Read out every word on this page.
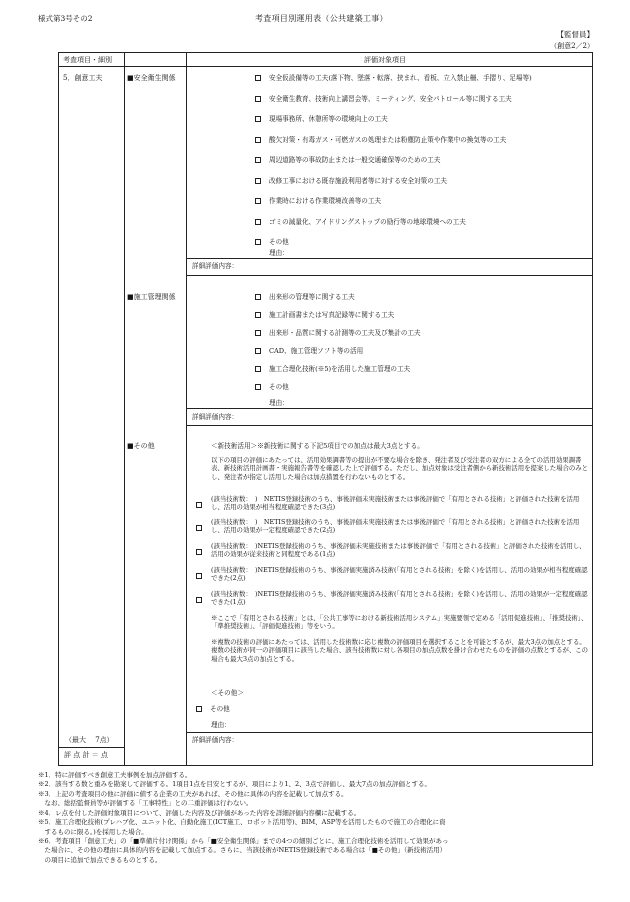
様式第3号その2	考査項目別運用表（公共建築工事）
【監督員】
（創意2／2）
考査項目・細別	評価対象項目
5．創意工夫
（最大　 7点）
評 点 計 ＝ 点
■安全衛生関係	安全仮設備等の工夫(落下物、墜落・転落、挟まれ、看板、立入禁止柵、手摺り、足場等)
安全衛生教育、技術向上講習会等、ミーティング、安全パトロール等に関する工夫
現場事務所、休憩所等の環境向上の工夫
酸欠対策・有毒ガス・可燃ガスの処理または粉塵防止策や作業中の換気等の工夫
周辺道路等の事故防止または一般交通確保等のための工夫
改修工事における既存施設利用者等に対する安全対策の工夫
作業時における作業環境改善等の工夫
ゴミの減量化、アイドリングストップの励行等の地球環境への工夫
その他
理由：
詳細評価内容：
■施工管理関係	出来形の管理等に関する工夫
施工計画書または写真記録等に関する工夫
出来形・品質に関する計測等の工夫及び集計の工夫
CAD、施工管理ソフト等の活用
施工合理化技術(※5)を活用した施工管理の工夫
その他
理由：
詳細評価内容：
■その他	＜新技術活用＞※新技術に関する下記5項目での加点は最大3点とする。
以下の項目の評価にあたっては、活用効果調書等の提出が不要な場合を除き、発注者及び受注者の双方による全ての活用効果調書表、新技術活用計画書・実施報告書等を確認した上で評価する。ただし、加点対象は受注者側から新技術活用を提案した場合のみとし、発注者が指定し活用した場合は加点措置を行わないものとする。
(該当技術数：　)　NETIS登録技術のうち、事後評価未実施技術または事後評価で「有用とされる技術」と評価された技術を活用し、活用の効果が相当程度確認できた(3点)
(該当技術数：　)　NETIS登録技術のうち、事後評価未実施技術または事後評価で「有用とされる技術」と評価された技術を活用し、活用の効果が一定程度確認できた(2点)
(該当技術数：　)NETIS登録技術のうち、事後評価未実施技術または事後評価で「有用とされる技術」と評価された技術を活用し、活用の効果が従来技術と同程度である(1点)
(該当技術数：　)NETIS登録技術のうち、事後評価実施済み技術(「有用とされる技術」を除く)を活用し、活用の効果が相当程度確認できた(2点)
(該当技術数：　)NETIS登録技術のうち、事後評価実施済み技術(「有用とされる技術」を除く)を活用し、活用の効果が一定程度確認できた(1点)
※ここで「有用とされる技術」とは、「公共工事等における新技術活用システム」実施要領で定める「活用促進技術」、「推奨技術」、「準推奨技術」、「評価促進技術」等をいう。
※複数の技術の評価にあたっては、活用した技術数に応じ複数の評価項目を選択することを可能とするが、最大3点の加点とする。複数の技術が同一の評価項目に該当した場合、該当技術数に対し各項目の加点点数を掛け合わせたものを評価の点数とするが、この場合も最大3点の加点とする。
＜その他＞
その他
理由：
詳細評価内容：
※1．特に評価すべき創意工夫事例を加点評価する。
※2．該当する数と重みを勘案して評価する。1項目1点を目安とするが、項目により1、2、3点で評価し、最大7点の加点評価とする。
※3．上記の考査項目の他に評価に値する企業の工夫があれば、その他に具体の内容を記載して加点する。
　なお、総括監督員等が評価する「工事特性」との二重評価は行わない。
※4．レ点を付した評価対象項目について、評価した内容及び評価があった内容を詳細評価内容欄に記載する。
※5．施工合理化技術(プレハブ化、ユニット化、自動化施工(ICT施工、ロボット活用等)、BIM、ASP等を活用したもので施工の合理化に資
　するものに限る。)を採用した場合。
※6．考査項目「創意工夫」の「■準備片付け関係」から「■安全衛生関係」までの4つの細別ごとに、施工合理化技術を活用して効果があっ
　た場合に、その他の理由に具体的内容を記載して加点する。さらに、当該技術がNETIS登録技術である場合は「■その他」（新技術活用）
　の項目に追加で加点できるものとする。
